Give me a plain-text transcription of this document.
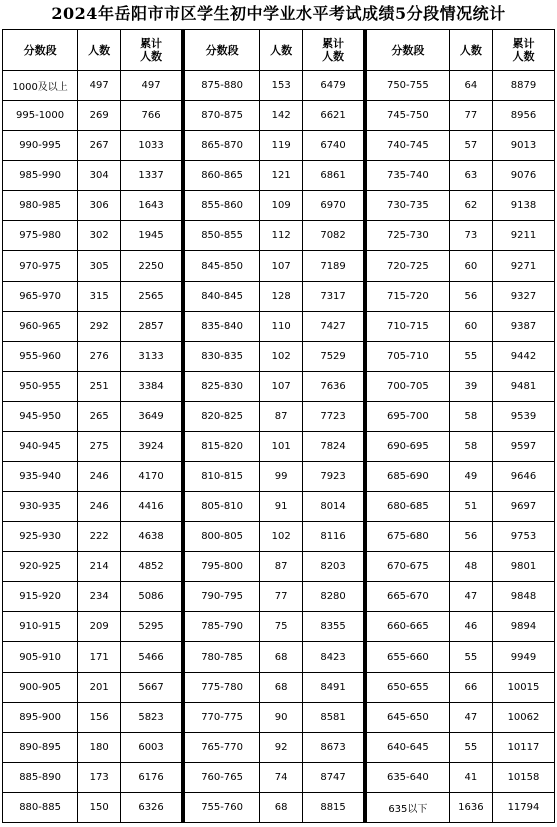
2024年岳阳市市区学生初中学业水平考试成绩5分段情况统计
分数段	人数	累计
人数

1000及以上	497	497
995-1000	269	766
990-995	267	1033
985-990	304	1337
980-985	306	1643
975-980	302	1945
970-975	305	2250
965-970	315	2565
960-965	292	2857
955-960	276	3133
950-955	251	3384
945-950	265	3649
940-945	275	3924
935-940	246	4170
930-935	246	4416
925-930	222	4638
920-925	214	4852
915-920	234	5086
910-915	209	5295
905-910	171	5466
900-905	201	5667
895-900	156	5823
890-895	180	6003
885-890	173	6176
880-885	150	6326
分数段	人数	累计
人数

875-880	153	6479
870-875	142	6621
865-870	119	6740
860-865	121	6861
855-860	109	6970
850-855	112	7082
845-850	107	7189
840-845	128	7317
835-840	110	7427
830-835	102	7529
825-830	107	7636
820-825	87	7723
815-820	101	7824
810-815	99	7923
805-810	91	8014
800-805	102	8116
795-800	87	8203
790-795	77	8280
785-790	75	8355
780-785	68	8423
775-780	68	8491
770-775	90	8581
765-770	92	8673
760-765	74	8747
755-760	68	8815
分数段	人数	累计
人数

750-755	64	8879
745-750	77	8956
740-745	57	9013
735-740	63	9076
730-735	62	9138
725-730	73	9211
720-725	60	9271
715-720	56	9327
710-715	60	9387
705-710	55	9442
700-705	39	9481
695-700	58	9539
690-695	58	9597
685-690	49	9646
680-685	51	9697
675-680	56	9753
670-675	48	9801
665-670	47	9848
660-665	46	9894
655-660	55	9949
650-655	66	10015
645-650	47	10062
640-645	55	10117
635-640	41	10158
635以下	1636	11794
